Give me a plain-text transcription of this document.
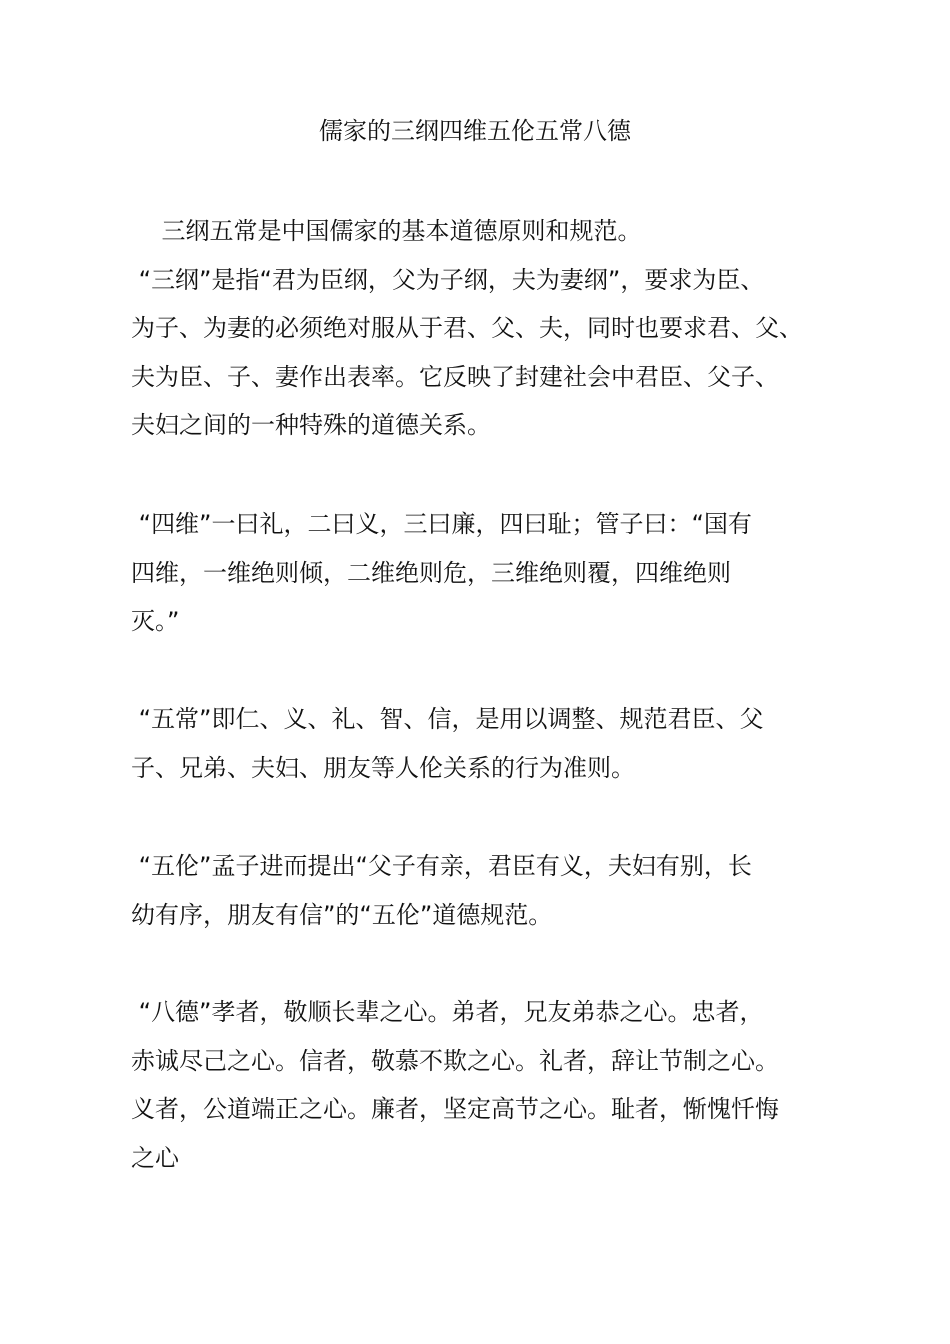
儒家的三纲四维五伦五常八德
三纲五常是中国儒家的基本道德原则和规范。
“三纲”是指“君为臣纲，父为子纲，夫为妻纲”，要求为臣、
为子、为妻的必须绝对服从于君、父、夫，同时也要求君、父、
夫为臣、子、妻作出表率。它反映了封建社会中君臣、父子、
夫妇之间的一种特殊的道德关系。
“四维”一曰礼，二曰义，三曰廉，四曰耻；管子曰：“国有
四维，一维绝则倾，二维绝则危，三维绝则覆，四维绝则
灭。”
“五常”即仁、义、礼、智、信，是用以调整、规范君臣、父
子、兄弟、夫妇、朋友等人伦关系的行为准则。
“五伦”孟子进而提出“父子有亲，君臣有义，夫妇有别，长
幼有序，朋友有信”的“五伦”道德规范。
“八德”孝者，敬顺长辈之心。弟者，兄友弟恭之心。忠者，
赤诚尽己之心。信者，敬慕不欺之心。礼者，辞让节制之心。
义者，公道端正之心。廉者，坚定高节之心。耻者，惭愧忏悔
之心
